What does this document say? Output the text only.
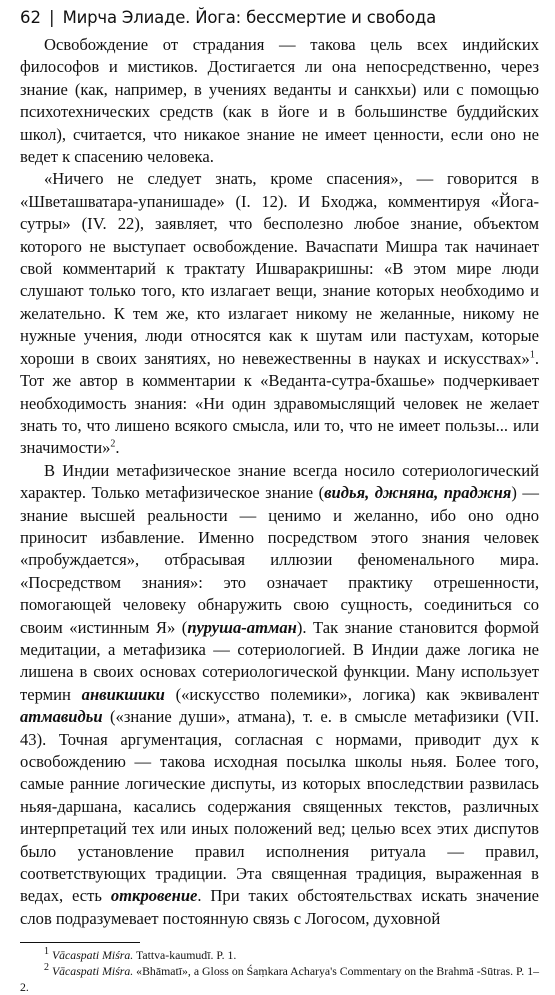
62 | Мирча Элиаде. Йога: бессмертие и свобода

Освобождение от страдания — такова цель всех индийских философов и мистиков. Достигается ли она непосредственно, через знание (как, например, в учениях веданты и санкхьи) или с помощью психотехнических средств (как в йоге и в большинстве буддийских школ), считается, что никакое знание не имеет ценности, если оно не ведет к спасению человека.

«Ничего не следует знать, кроме спасения», — говорится в «Шветашватара-упанишаде» (I. 12). И Бходжа, комментируя «Йога-сутры» (IV. 22), заявляет, что бесполезно любое знание, объектом которого не выступает освобождение. Вачаспати Мишра так начинает свой комментарий к трактату Ишваракришны: «В этом мире люди слушают только того, кто излагает вещи, знание которых необходимо и желательно. К тем же, кто излагает никому не желанные, никому не нужные учения, люди относятся как к шутам или пастухам, которые хороши в своих занятиях, но невежественны в науках и искусствах»$^1$. Тот же автор в комментарии к «Веданта-сутра-бхашье» подчеркивает необходимость знания: «Ни один здравомыслящий человек не желает знать то, что лишено всякого смысла, или то, что не имеет пользы... или значимости»$^2$.

В Индии метафизическое знание всегда носило сотериологический характер. Только метафизическое знание (видья, джняна, праджня) — знание высшей реальности — ценимо и желанно, ибо оно одно приносит избавление. Именно посредством этого знания человек «пробуждается», отбрасывая иллюзии феноменального мира. «Посредством знания»: это означает практику отрешенности, помогающей человеку обнаружить свою сущность, соединиться со своим «истинным Я» (пуруша-атман). Так знание становится формой медитации, а метафизика — сотериологией. В Индии даже логика не лишена в своих основах сотериологической функции. Ману использует термин анвикшики («искусство полемики», логика) как эквивалент атмавидьи («знание души», атмана), т. е. в смысле метафизики (VII. 43). Точная аргументация, согласная с нормами, приводит дух к освобождению — такова исходная посылка школы ньяя. Более того, самые ранние логические диспуты, из которых впоследствии развилась ньяя-даршана, касались содержания священных текстов, различных интерпретаций тех или иных положений вед; целью всех этих диспутов было установление правил исполнения ритуала — правил, соответствующих традиции. Эта священная традиция, выраженная в ведах, есть откровение. При таких обстоятельствах искать значение слов подразумевает постоянную связь с Логосом, духовной

$^1$ Vācaspati Miśra. Tattva-kaumudī. P. 1.

$^2$ Vācaspati Miśra. «Bhāmatī», a Gloss on Śaṃkara Acharya's Commentary on the Brahmā -Sūtras. P. 1–2.
